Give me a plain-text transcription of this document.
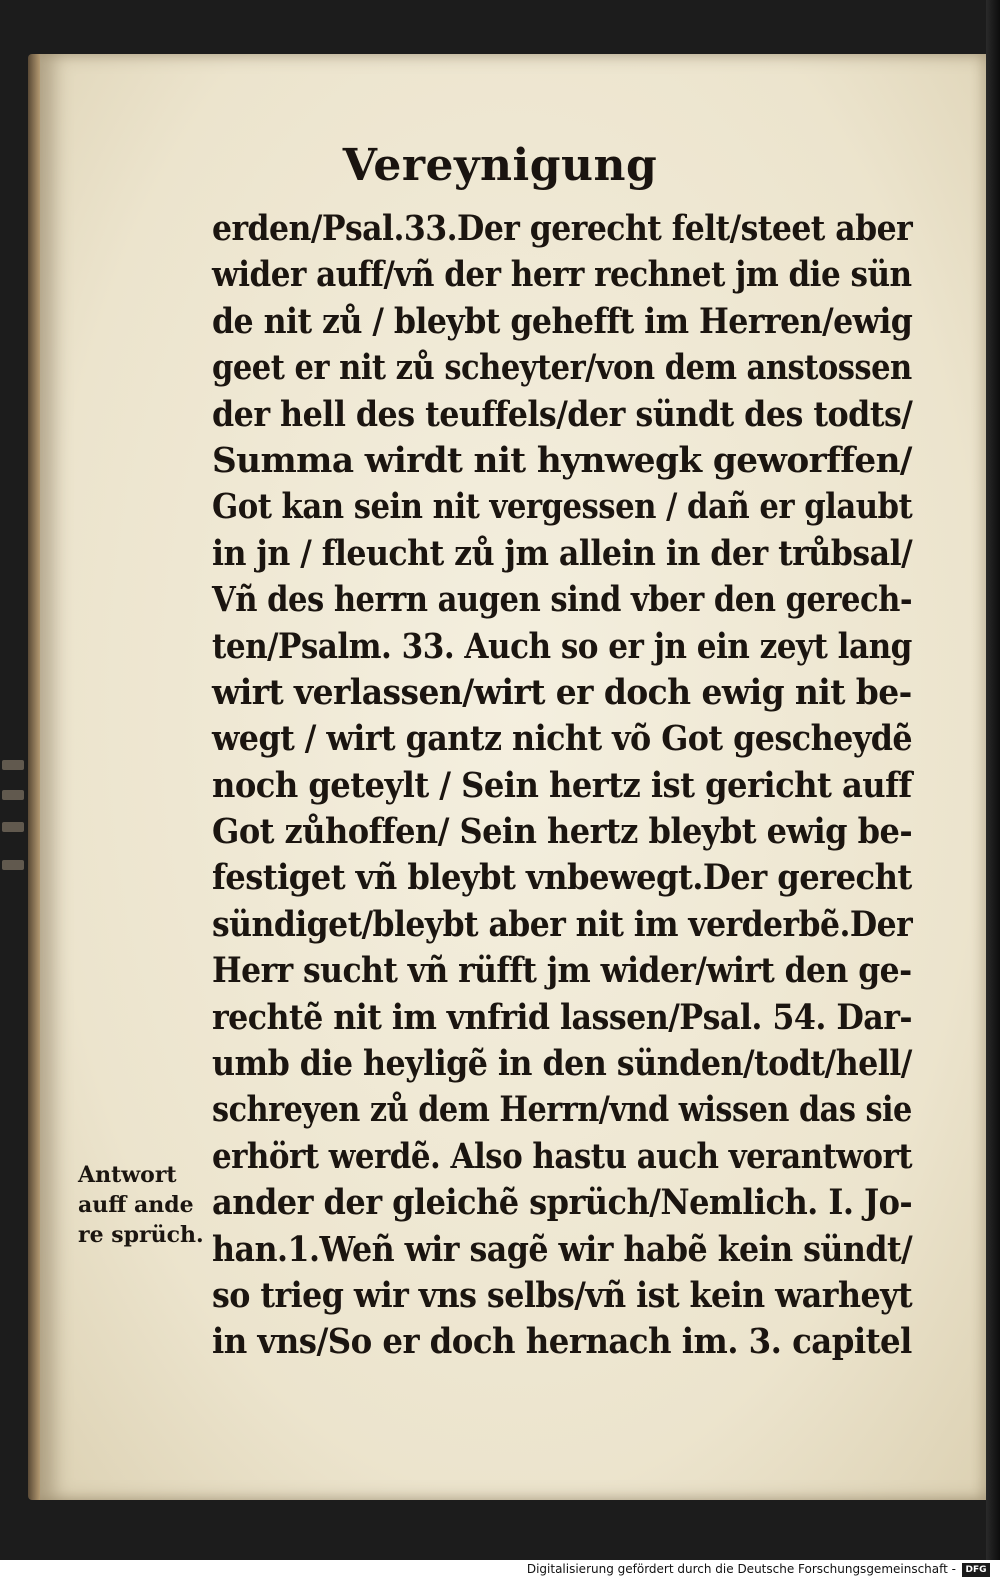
Vereynigung
erden/Psal.33.Der gerecht felt/steet aber
wider auff/vñ der herr rechnet jm die sün
de nit zů / bleybt gehefft im Herren/ewig
geet er nit zů scheyter/von dem anstossen
der hell des teuffels/der sündt des todts/
Summa wirdt nit hynwegk geworffen/
Got kan sein nit vergessen / dañ er glaubt
in jn / fleucht zů jm allein in der trůbsal/
Vñ des herrn augen sind vber den gerech-
ten/Psalm. 33. Auch so er jn ein zeyt lang
wirt verlassen/wirt er doch ewig nit be-
wegt / wirt gantz nicht võ Got gescheydẽ
noch geteylt / Sein hertz ist gericht auff
Got zůhoffen/ Sein hertz bleybt ewig be-
festiget vñ bleybt vnbewegt.Der gerecht
sündiget/bleybt aber nit im verderbẽ.Der
Herr sucht vñ rüfft jm wider/wirt den ge-
rechtẽ nit im vnfrid lassen/Psal. 54. Dar-
umb die heyligẽ in den sünden/todt/hell/
schreyen zů dem Herrn/vnd wissen das sie
erhört werdẽ. Also hastu auch verantwort
ander der gleichẽ sprüch/Nemlich. I. Jo-
han.1.Weñ wir sagẽ wir habẽ kein sündt/
so trieg wir vns selbs/vñ ist kein warheyt
in vns/So er doch hernach im. 3. capitel
Antwort
auff ande
re sprüch.
Digitalisierung gefördert durch die Deutsche Forschungsgemeinschaft -	DFG
